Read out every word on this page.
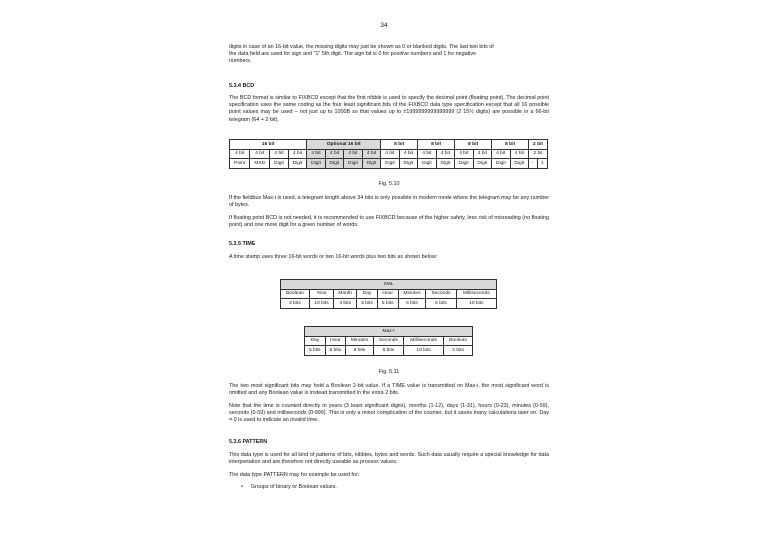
34

digits in case of an 16-bit value, the missing digits may just be shown as 0 or blanked digits. The last two bits of

the data field are used for sign and "1" 5th digit. The sign bit is 0 for positive numbers and 1 for negative

numbers.

5.3.4 BCD

The BCD format is similar to FIXBCD except that the first nibble is used to specify the decimal point (floating point). The decimal point specification uses the same coding as the four least significant bits of the FIXBCD data type specification except that all 16 possible point values may be used – not just up to 1000B so that values up to ±1999999999999999 (2 15½ digits) are possible in a 66-bit telegram (64 + 2 bit).

16 bit				Optional 16 bit				8 bit		8 bit		8 bit		8 bit		2 bit	
4 bit	4 bit	4 bit	4 bit	4 bit	4 bit	4 bit	4 bit	4 bit	4 bit	4 bit	4 bit	4 bit	4 bit	4 bit	4 bit	2 bit	
Point	MSD	Digit	Digit	Digit	Digit	Digit	Digit	Digit	Digit	Digit	Digit	Digit	Digit	Digit	Digit	-	1

Fig. 5.10

If the fieldbus Max-i is used, a telegram length above 34 bits is only possible in modem mode where the telegram may be any number of bytes.

If floating point BCD is not needed, it is recommended to use FIXBCD because of the higher safety, less risk of misreading (no floating point) and one more digit for a given number of words.

5.3.5 TIME

A time stamp uses three 16-bit words or two 16-bit words plus two bits as shown below:

XML							
Boolean	Year	Month	Day	Hour	Minutes	Seconds	Milliseconds
2 bits	10 bits	4 bits	5 bits	5 bits	6 bits	6 bits	10 bits
Max-i					
Day	Hour	Minutes	Seconds	Milliseconds	Boolean
5 bits	5 bits	6 bits	6 bits	10 bits	2 bits

Fig. 5.11

The two most significant bits may hold a Boolean 2-bit value. If a TIME value is transmitted on Max-i, the most significant word is omitted and any Boolean value is instead transmitted in the extra 2 bits.

Note that the time is counted directly in years (3 least significant digits), months (1-12), days (1-31), hours (0-23), minutes (0-59), seconds (0-59) and milliseconds (0-999). This is only a minor complication of the counter, but it saves many calculations later on. Day = 0 is used to indicate an invalid time.

5.3.6 PATTERN

This data type is used for all kind of patterns of bits, nibbles, bytes and words. Such data usually require a special knowledge for data interpretation and are therefore not directly useable as process values.

The data type PATTERN may for example be used for:

• Groups of binary or Boolean values.
